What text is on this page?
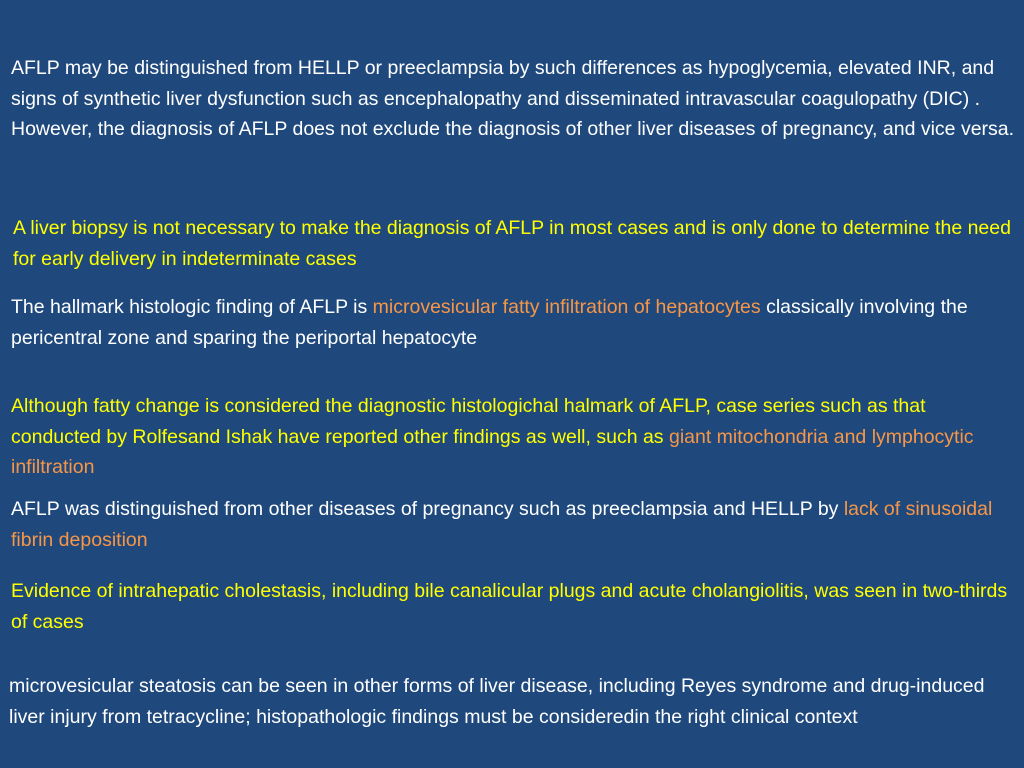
AFLP may be distinguished from HELLP or preeclampsia by such differences as hypoglycemia, elevated INR, and signs of synthetic liver dysfunction such as encephalopathy and disseminated intravascular coagulopathy (DIC) . However, the diagnosis of AFLP does not exclude the diagnosis of other liver diseases of pregnancy, and vice versa.

A liver biopsy is not necessary to make the diagnosis of AFLP in most cases and is only done to determine the need for early delivery in indeterminate cases

The hallmark histologic finding of AFLP is microvesicular fatty infiltration of hepatocytes classically involving the pericentral zone and sparing the periportal hepatocyte

Although fatty change is considered the diagnostic histologichal halmark of AFLP, case series such as that conducted by Rolfesand Ishak have reported other findings as well, such as giant mitochondria and lymphocytic infiltration

AFLP was distinguished from other diseases of pregnancy such as preeclampsia and HELLP by lack of sinusoidal fibrin deposition

Evidence of intrahepatic cholestasis, including bile canalicular plugs and acute cholangiolitis, was seen in two-thirds of cases

microvesicular steatosis can be seen in other forms of liver disease, including Reyes syndrome and drug-induced liver injury from tetracycline; histopathologic findings must be consideredin the right clinical context
